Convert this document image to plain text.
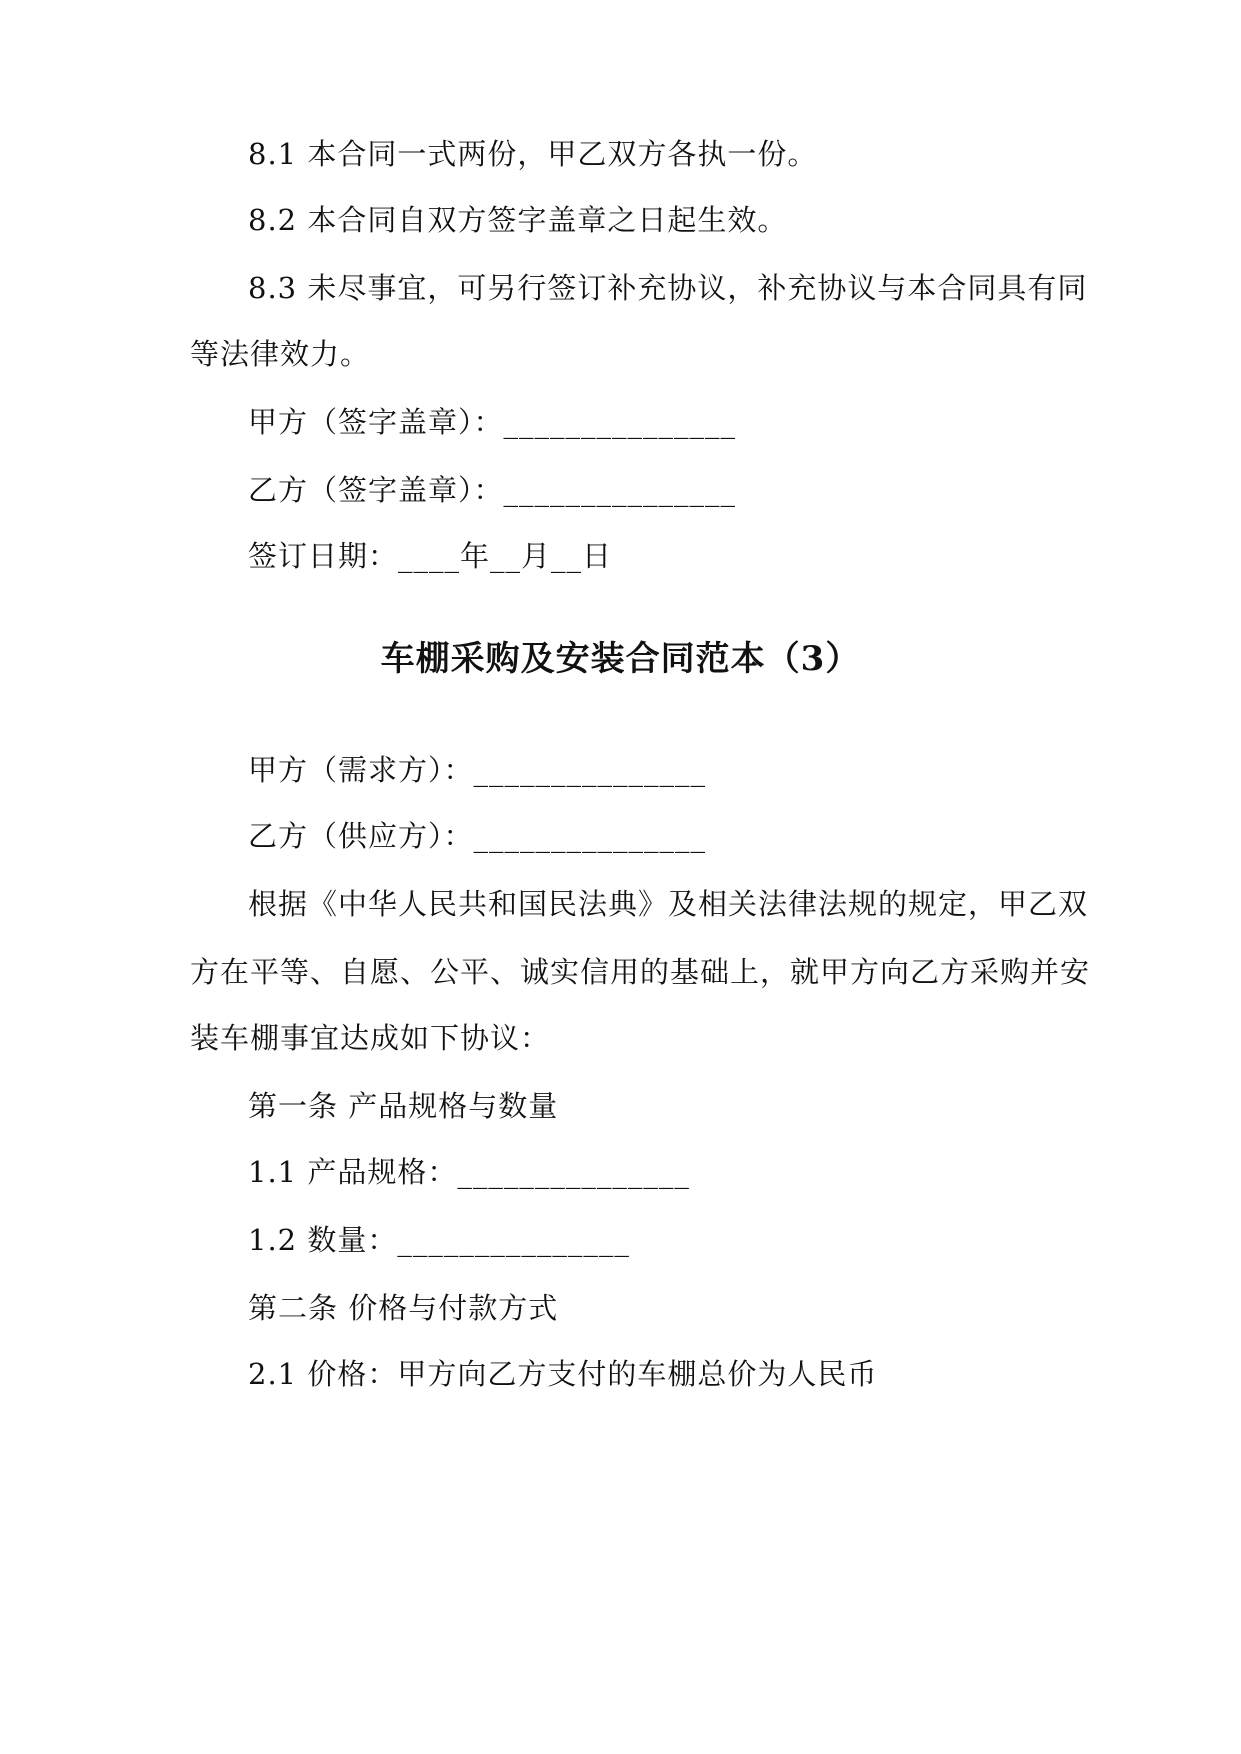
8.1 本合同一式两份，甲乙双方各执一份。
8.2 本合同自双方签字盖章之日起生效。
8.3 未尽事宜，可另行签订补充协议，补充协议与本合同具有同
等法律效力。
甲方（签字盖章）：_______________
乙方（签字盖章）：_______________
签订日期：____年__月__日
车棚采购及安装合同范本（3）
甲方（需求方）：_______________
乙方（供应方）：_______________
根据《中华人民共和国民法典》及相关法律法规的规定，甲乙双
方在平等、自愿、公平、诚实信用的基础上，就甲方向乙方采购并安
装车棚事宜达成如下协议：
第一条 产品规格与数量
1.1 产品规格：_______________
1.2 数量：_______________
第二条 价格与付款方式
2.1 价格：甲方向乙方支付的车棚总价为人民币
